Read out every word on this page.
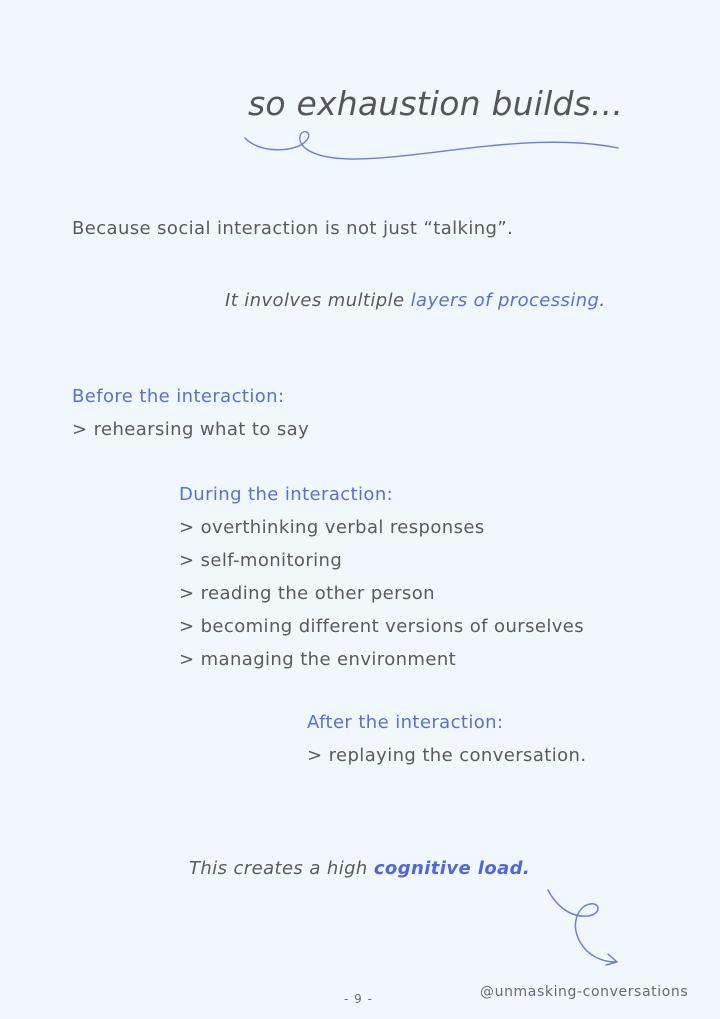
so exhaustion builds...
Because social interaction is not just “talking”.
It involves multiple layers of processing.
Before the interaction:
> rehearsing what to say
During the interaction:
> overthinking verbal responses
> self-monitoring
> reading the other person
> becoming different versions of ourselves
> managing the environment
After the interaction:
> replaying the conversation.
This creates a high cognitive load.
- 9 -	@unmasking-conversations
